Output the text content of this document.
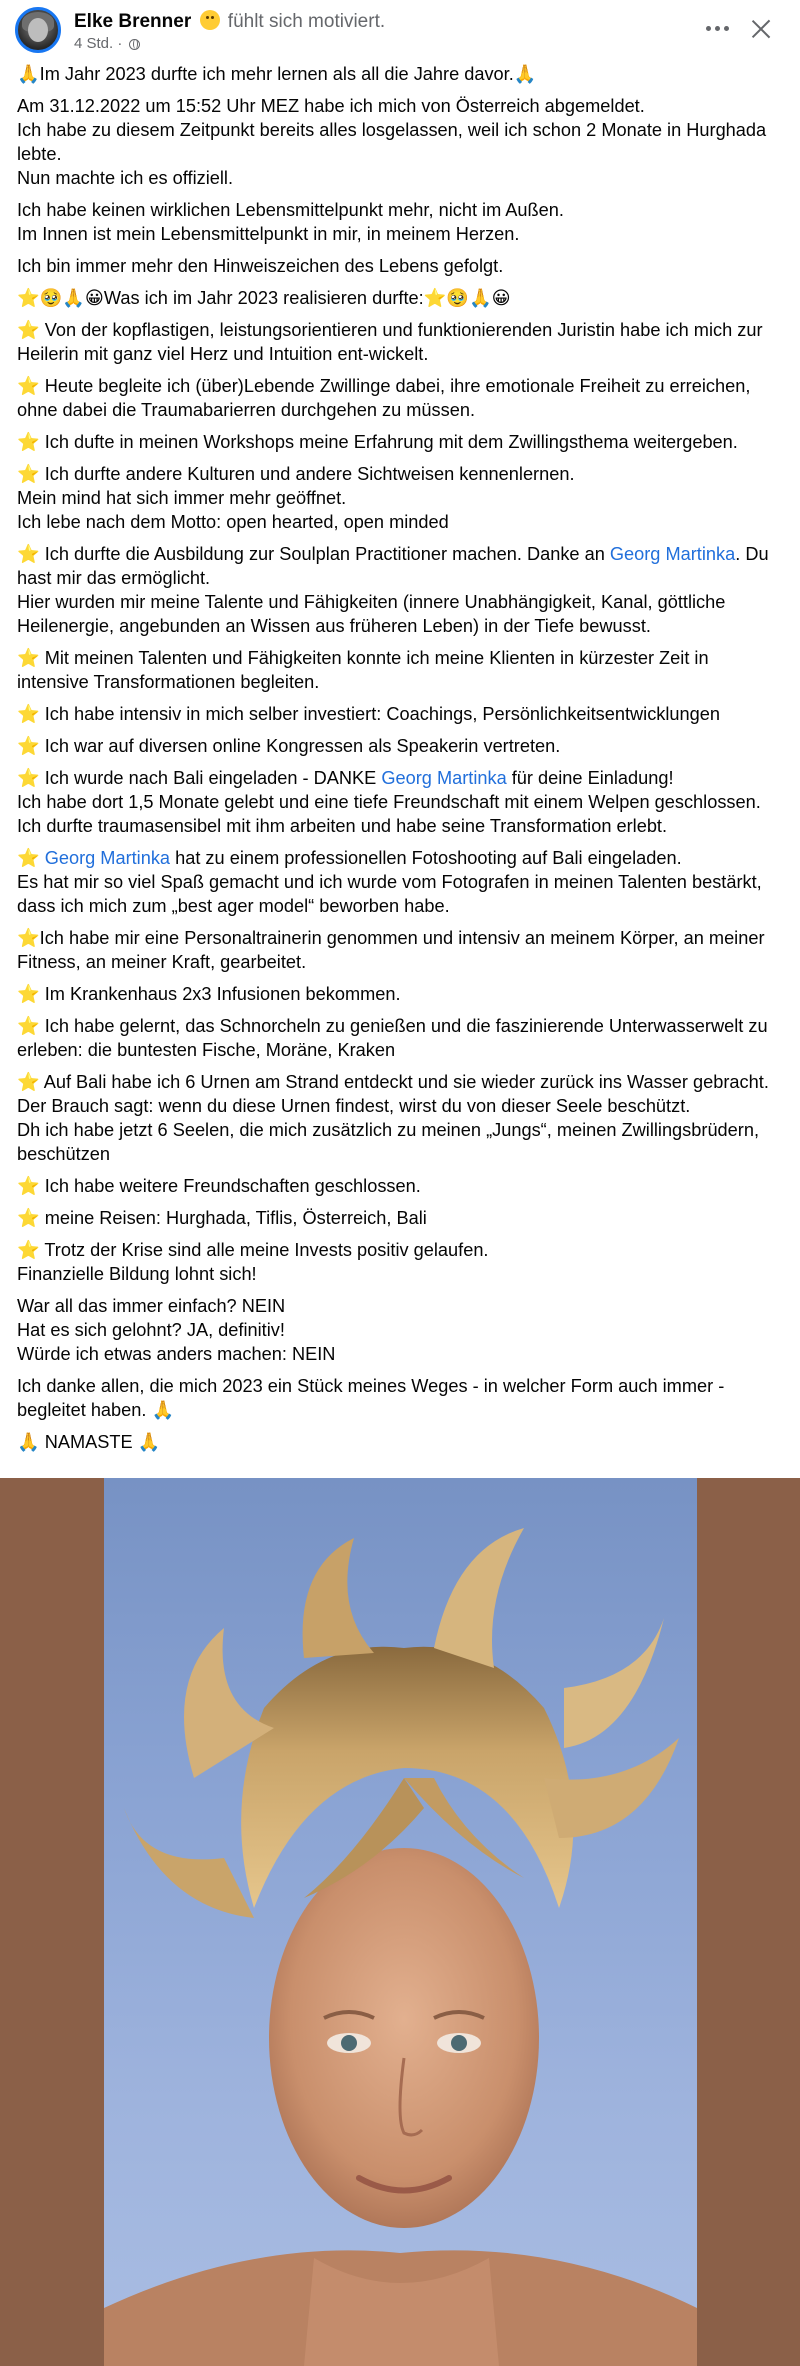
Elke Brenner fühlt sich motiviert.
4 Std. ·

🙏Im Jahr 2023 durfte ich mehr lernen als all die Jahre davor.🙏

Am 31.12.2022 um 15:52 Uhr MEZ habe ich mich von Österreich abgemeldet.
Ich habe zu diesem Zeitpunkt bereits alles losgelassen, weil ich schon 2 Monate in Hurghada lebte.
Nun machte ich es offiziell.

Ich habe keinen wirklichen Lebensmittelpunkt mehr, nicht im Außen.
Im Innen ist mein Lebensmittelpunkt in mir, in meinem Herzen.

Ich bin immer mehr den Hinweiszeichen des Lebens gefolgt.

⭐🥹🙏😀Was ich im Jahr 2023 realisieren durfte:⭐🥹🙏😀

⭐ Von der kopflastigen, leistungsorientieren und funktionierenden Juristin habe ich mich zur Heilerin mit ganz viel Herz und Intuition ent-wickelt.

⭐ Heute begleite ich (über)Lebende Zwillinge dabei, ihre emotionale Freiheit zu erreichen, ohne dabei die Traumabarierren durchgehen zu müssen.

⭐ Ich dufte in meinen Workshops meine Erfahrung mit dem Zwillingsthema weitergeben.

⭐ Ich durfte andere Kulturen und andere Sichtweisen kennenlernen.
Mein mind hat sich immer mehr geöffnet.
Ich lebe nach dem Motto: open hearted, open minded

⭐ Ich durfte die Ausbildung zur Soulplan Practitioner machen. Danke an Georg Martinka. Du hast mir das ermöglicht.
Hier wurden mir meine Talente und Fähigkeiten (innere Unabhängigkeit, Kanal, göttliche Heilenergie, angebunden an Wissen aus früheren Leben) in der Tiefe bewusst.

⭐ Mit meinen Talenten und Fähigkeiten konnte ich meine Klienten in kürzester Zeit in intensive Transformationen begleiten.

⭐ Ich habe intensiv in mich selber investiert: Coachings, Persönlichkeitsentwicklungen

⭐ Ich war auf diversen online Kongressen als Speakerin vertreten.

⭐ Ich wurde nach Bali eingeladen - DANKE Georg Martinka für deine Einladung!
Ich habe dort 1,5 Monate gelebt und eine tiefe Freundschaft mit einem Welpen geschlossen.
Ich durfte traumasensibel mit ihm arbeiten und habe seine Transformation erlebt.

⭐ Georg Martinka hat zu einem professionellen Fotoshooting auf Bali eingeladen.
Es hat mir so viel Spaß gemacht und ich wurde vom Fotografen in meinen Talenten bestärkt, dass ich mich zum „best ager model“ beworben habe.

⭐Ich habe mir eine Personaltrainerin genommen und intensiv an meinem Körper, an meiner Fitness, an meiner Kraft, gearbeitet.

⭐ Im Krankenhaus 2x3 Infusionen bekommen.

⭐ Ich habe gelernt, das Schnorcheln zu genießen und die faszinierende Unterwasserwelt zu erleben: die buntesten Fische, Moräne, Kraken

⭐ Auf Bali habe ich 6 Urnen am Strand entdeckt und sie wieder zurück ins Wasser gebracht.
Der Brauch sagt: wenn du diese Urnen findest, wirst du von dieser Seele beschützt.
Dh ich habe jetzt 6 Seelen, die mich zusätzlich zu meinen „Jungs“, meinen Zwillingsbrüdern, beschützen

⭐ Ich habe weitere Freundschaften geschlossen.

⭐ meine Reisen: Hurghada, Tiflis, Österreich, Bali

⭐ Trotz der Krise sind alle meine Invests positiv gelaufen.
Finanzielle Bildung lohnt sich!

War all das immer einfach? NEIN
Hat es sich gelohnt? JA, definitiv!
Würde ich etwas anders machen: NEIN

Ich danke allen, die mich 2023 ein Stück meines Weges - in welcher Form auch immer - begleitet haben. 🙏

🙏 NAMASTE 🙏
